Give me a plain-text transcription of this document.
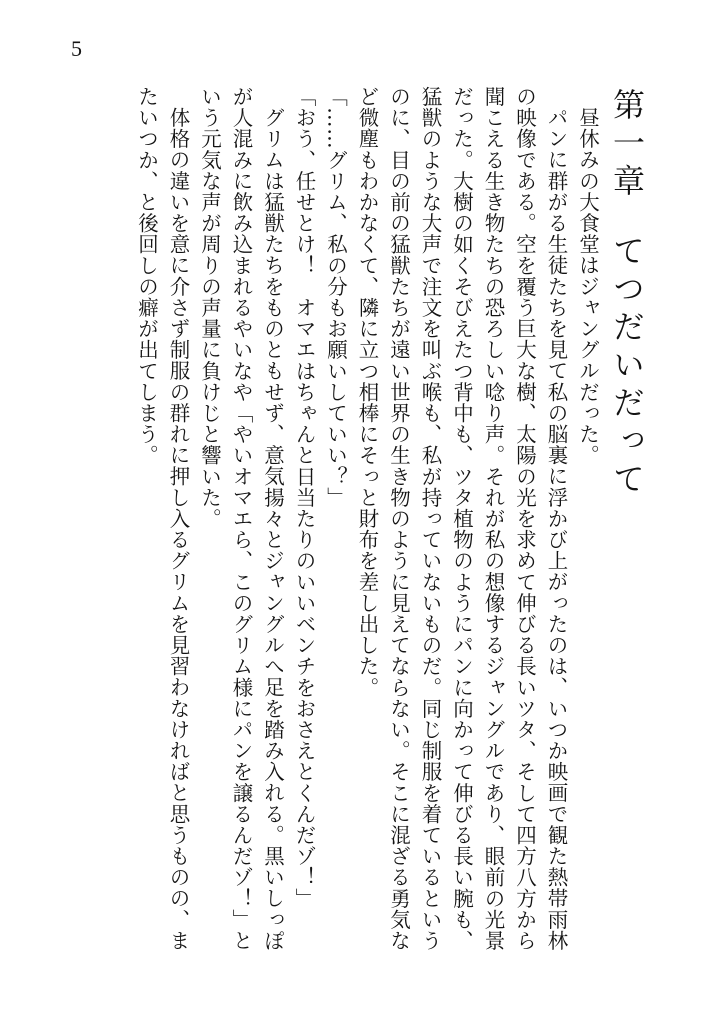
5
第一章てつだいだって
昼休みの大食堂はジャングルだった。
パンに群がる生徒たちを見て私の脳裏に浮かび上がったのは、いつか映画で観た熱帯雨林の映像である。空を覆う巨大な樹、太陽の光を求めて伸びる長いツタ、そして四方八方から聞こえる生き物たちの恐ろしい唸り声。それが私の想像するジャングルであり、眼前の光景だった。大樹の如くそびえたつ背中も、ツタ植物のようにパンに向かって伸びる長い腕も、猛獣のような大声で注文を叫ぶ喉も、私が持っていないものだ。同じ制服を着ているというのに、目の前の猛獣たちが遠い世界の生き物のように見えてならない。そこに混ざる勇気など微塵もわかなくて、隣に立つ相棒にそっと財布を差し出した。
「……グリム、私の分もお願いしていい？」
「おう、任せとけ！　オマエはちゃんと日当たりのいいベンチをおさえとくんだゾ！」
グリムは猛獣たちをものともせず、意気揚々とジャングルへ足を踏み入れる。黒いしっぽが人混みに飲み込まれるやいなや「やいオマエら、このグリム様にパンを譲るんだゾ！」という元気な声が周りの声量に負けじと響いた。
体格の違いを意に介さず制服の群れに押し入るグリムを見習わなければと思うものの、またいつか、と後回しの癖が出てしまう。
